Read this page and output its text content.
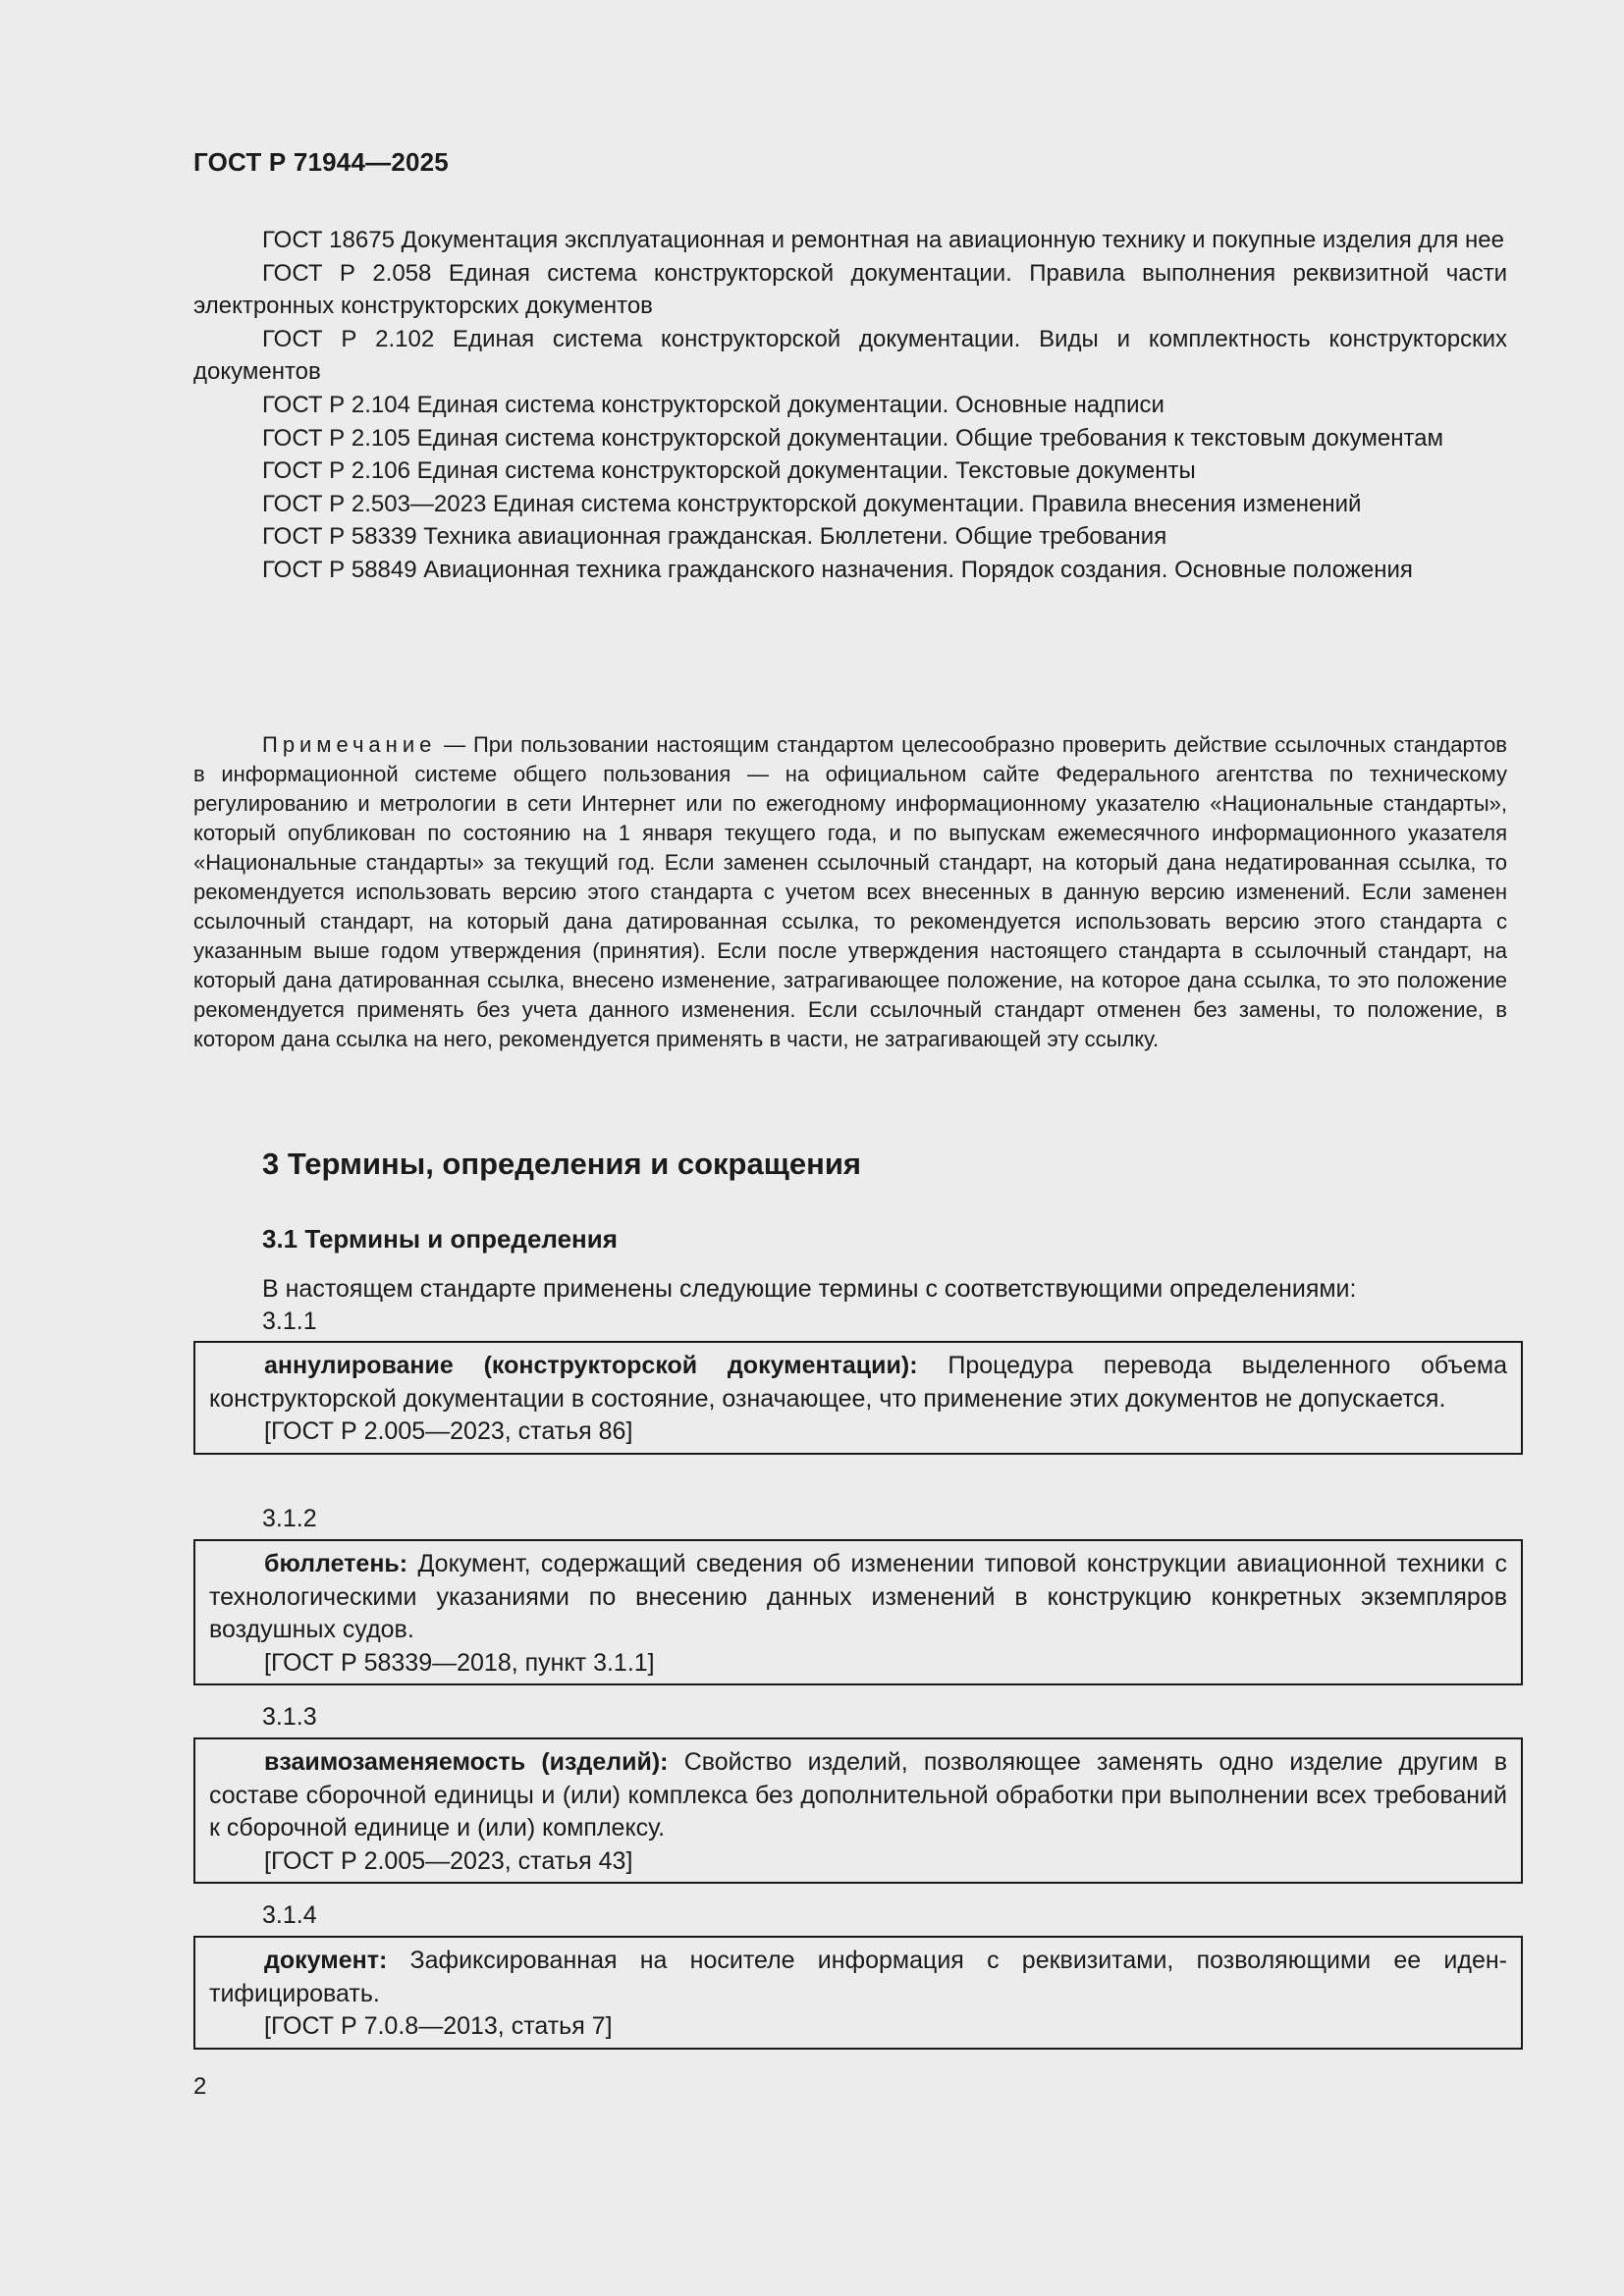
ГОСТ Р 71944—2025

ГОСТ 18675 Документация эксплуатационная и ремонтная на авиационную технику и покупные изделия для нее

ГОСТ Р 2.058 Единая система конструкторской документации. Правила выполнения реквизитной части электронных конструкторских документов

ГОСТ Р 2.102 Единая система конструкторской документации. Виды и комплектность конструкторских документов

ГОСТ Р 2.104 Единая система конструкторской документации. Основные надписи

ГОСТ Р 2.105 Единая система конструкторской документации. Общие требования к текстовым документам

ГОСТ Р 2.106 Единая система конструкторской документации. Текстовые документы

ГОСТ Р 2.503—2023 Единая система конструкторской документации. Правила внесения изменений

ГОСТ Р 58339 Техника авиационная гражданская. Бюллетени. Общие требования

ГОСТ Р 58849 Авиационная техника гражданского назначения. Порядок создания. Основные положения

Примечание — При пользовании настоящим стандартом целесообразно проверить действие ссылочных стандартов в информационной системе общего пользования — на официальном сайте Федерального агентства по техническому регулированию и метрологии в сети Интернет или по ежегодному информационному указателю «Национальные стандарты», который опубликован по состоянию на 1 января текущего года, и по выпускам ежемесячного информационного указателя «Национальные стандарты» за текущий год. Если заменен ссылочный стандарт, на который дана недатированная ссылка, то рекомендуется использовать версию этого стандарта с учетом всех внесенных в данную версию изменений. Если заменен ссылочный стандарт, на который дана датированная ссылка, то рекомендуется использовать версию этого стандарта с указанным выше годом утверждения (принятия). Если после утверждения настоящего стандарта в ссылочный стандарт, на который дана датированная ссылка, внесено изменение, затрагивающее положение, на которое дана ссылка, то это положение рекомендуется применять без учета данного изменения. Если ссылочный стандарт отменен без замены, то положение, в котором дана ссылка на него, рекомендуется применять в части, не затрагивающей эту ссылку.

3 Термины, определения и сокращения
3.1 Термины и определения
В настоящем стандарте применены следующие термины с соответствующими определениями:
3.1.1

аннулирование (конструкторской документации): Процедура перевода выделенного объема конструкторской документации в состояние, означающее, что применение этих документов не допускается.

[ГОСТ Р 2.005—2023, статья 86]

3.1.2

бюллетень: Документ, содержащий сведения об изменении типовой конструкции авиационной техники с технологическими указаниями по внесению данных изменений в конструкцию конкретных экземпляров воздушных судов.

[ГОСТ Р 58339—2018, пункт 3.1.1]

3.1.3

взаимозаменяемость (изделий): Свойство изделий, позволяющее заменять одно изделие другим в составе сборочной единицы и (или) комплекса без дополнительной обработки при выполнении всех требований к сборочной единице и (или) комплексу.

[ГОСТ Р 2.005—2023, статья 43]

3.1.4

документ: Зафиксированная на носителе информация с реквизитами, позволяющими ее идентифицировать.

[ГОСТ Р 7.0.8—2013, статья 7]

2
